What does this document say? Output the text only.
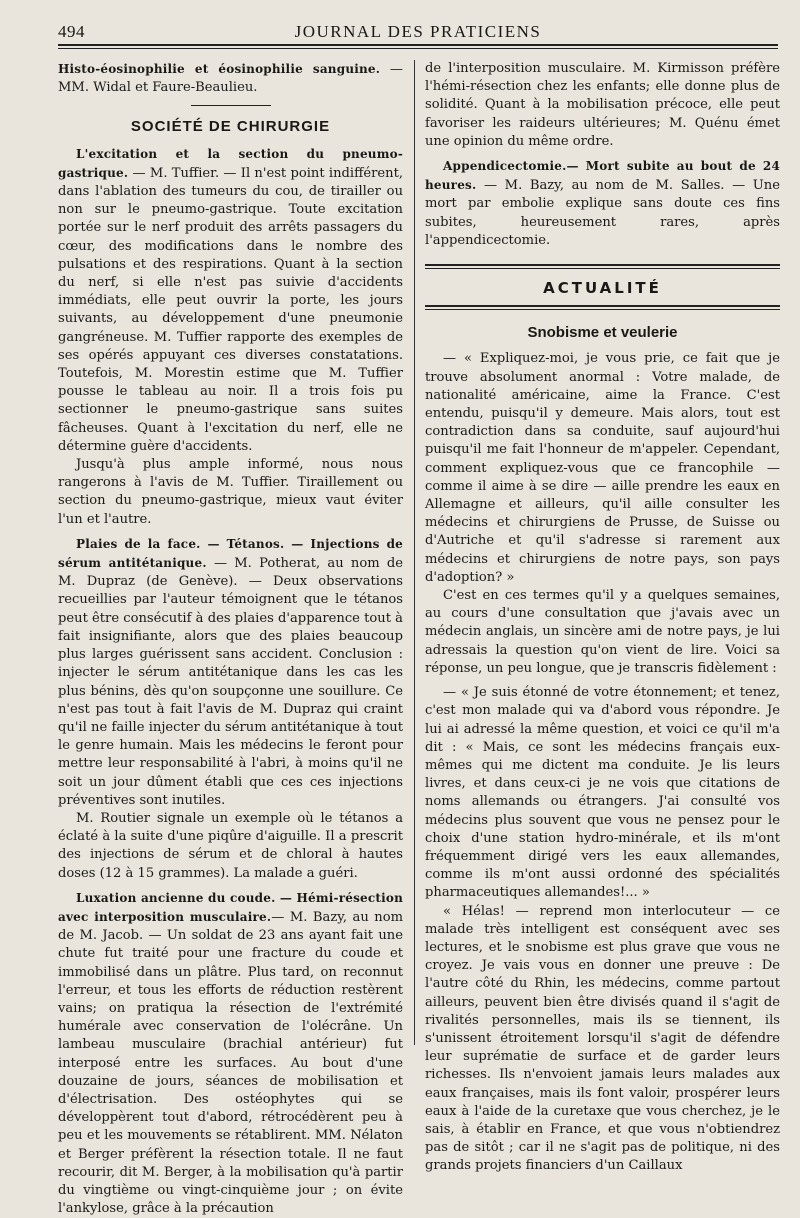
494	JOURNAL DES PRATICIENS

Histo-éosinophilie et éosinophilie sanguine. — MM. Widal et Faure-Beaulieu.

SOCIÉTÉ DE CHIRURGIE

L'excitation et la section du pneumo-gastrique. — M. Tuffier. — Il n'est point indifférent, dans l'ablation des tumeurs du cou, de tirailler ou non sur le pneumo-gastrique. Toute excitation portée sur le nerf produit des arrêts passagers du cœur, des modifications dans le nombre des pulsations et des respirations. Quant à la section du nerf, si elle n'est pas suivie d'accidents immédiats, elle peut ouvrir la porte, les jours suivants, au développement d'une pneumonie gangréneuse. M. Tuffier rapporte des exemples de ses opérés appuyant ces diverses constatations. Toutefois, M. Morestin estime que M. Tuffier pousse le tableau au noir. Il a trois fois pu sectionner le pneumo-gastrique sans suites fâcheuses. Quant à l'excitation du nerf, elle ne détermine guère d'accidents.

Jusqu'à plus ample informé, nous nous rangerons à l'avis de M. Tuffier. Tiraillement ou section du pneumo-gastrique, mieux vaut éviter l'un et l'autre.

Plaies de la face. — Tétanos. — Injections de sérum antitétanique. — M. Potherat, au nom de M. Dupraz (de Genève). — Deux observations recueillies par l'auteur témoignent que le tétanos peut être consécutif à des plaies d'apparence tout à fait insignifiante, alors que des plaies beaucoup plus larges guérissent sans accident. Conclusion : injecter le sérum antitétanique dans les cas les plus bénins, dès qu'on soupçonne une souillure. Ce n'est pas tout à fait l'avis de M. Dupraz qui craint qu'il ne faille injecter du sérum antitétanique à tout le genre humain. Mais les médecins le feront pour mettre leur responsabilité à l'abri, à moins qu'il ne soit un jour dûment établi que ces ces injections préventives sont inutiles.

M. Routier signale un exemple où le tétanos a éclaté à la suite d'une piqûre d'aiguille. Il a prescrit des injections de sérum et de chloral à hautes doses (12 à 15 grammes). La malade a guéri.

Luxation ancienne du coude. — Hémi-résection avec interposition musculaire.— M. Bazy, au nom de M. Jacob. — Un soldat de 23 ans ayant fait une chute fut traité pour une fracture du coude et immobilisé dans un plâtre. Plus tard, on reconnut l'erreur, et tous les efforts de réduction restèrent vains; on pratiqua la résection de l'extrémité humérale avec conservation de l'olécrâne. Un lambeau musculaire (brachial antérieur) fut interposé entre les surfaces. Au bout d'une douzaine de jours, séances de mobilisation et d'électrisation. Des ostéophytes qui se développèrent tout d'abord, rétrocédèrent peu à peu et les mouvements se rétablirent. MM. Nélaton et Berger préfèrent la résection totale. Il ne faut recourir, dit M. Berger, à la mobilisation qu'à partir du vingtième ou vingt-cinquième jour ; on évite l'ankylose, grâce à la précaution

de l'interposition musculaire. M. Kirmisson préfère l'hémi-résection chez les enfants; elle donne plus de solidité. Quant à la mobilisation précoce, elle peut favoriser les raideurs ultérieures; M. Quénu émet une opinion du même ordre.

Appendicectomie.— Mort subite au bout de 24 heures. — M. Bazy, au nom de M. Salles. — Une mort par embolie explique sans doute ces fins subites, heureusement rares, après l'appendicectomie.

ACTUALITÉ
Snobisme et veulerie

— « Expliquez-moi, je vous prie, ce fait que je trouve absolument anormal : Votre malade, de nationalité américaine, aime la France. C'est entendu, puisqu'il y demeure. Mais alors, tout est contradiction dans sa conduite, sauf aujourd'hui puisqu'il me fait l'honneur de m'appeler. Cependant, comment expliquez-vous que ce francophile — comme il aime à se dire — aille prendre les eaux en Allemagne et ailleurs, qu'il aille consulter les médecins et chirurgiens de Prusse, de Suisse ou d'Autriche et qu'il s'adresse si rarement aux médecins et chirurgiens de notre pays, son pays d'adoption? »

C'est en ces termes qu'il y a quelques semaines, au cours d'une consultation que j'avais avec un médecin anglais, un sincère ami de notre pays, je lui adressais la question qu'on vient de lire. Voici sa réponse, un peu longue, que je transcris fidèlement :

— « Je suis étonné de votre étonnement; et tenez, c'est mon malade qui va d'abord vous répondre. Je lui ai adressé la même question, et voici ce qu'il m'a dit : « Mais, ce sont les médecins français eux-mêmes qui me dictent ma conduite. Je lis leurs livres, et dans ceux-ci je ne vois que citations de noms allemands ou étrangers. J'ai consulté vos médecins plus souvent que vous ne pensez pour le choix d'une station hydro-minérale, et ils m'ont fréquemment dirigé vers les eaux allemandes, comme ils m'ont aussi ordonné des spécialités pharmaceutiques allemandes!... »

« Hélas! — reprend mon interlocuteur — ce malade très intelligent est conséquent avec ses lectures, et le snobisme est plus grave que vous ne croyez. Je vais vous en donner une preuve : De l'autre côté du Rhin, les médecins, comme partout ailleurs, peuvent bien être divisés quand il s'agit de rivalités personnelles, mais ils se tiennent, ils s'unissent étroitement lorsqu'il s'agit de défendre leur suprématie de surface et de garder leurs richesses. Ils n'envoient jamais leurs malades aux eaux françaises, mais ils font valoir, prospérer leurs eaux à l'aide de la curetaxe que vous cherchez, je le sais, à établir en France, et que vous n'obtiendrez pas de sitôt ; car il ne s'agit pas de politique, ni des grands projets financiers d'un Caillaux
